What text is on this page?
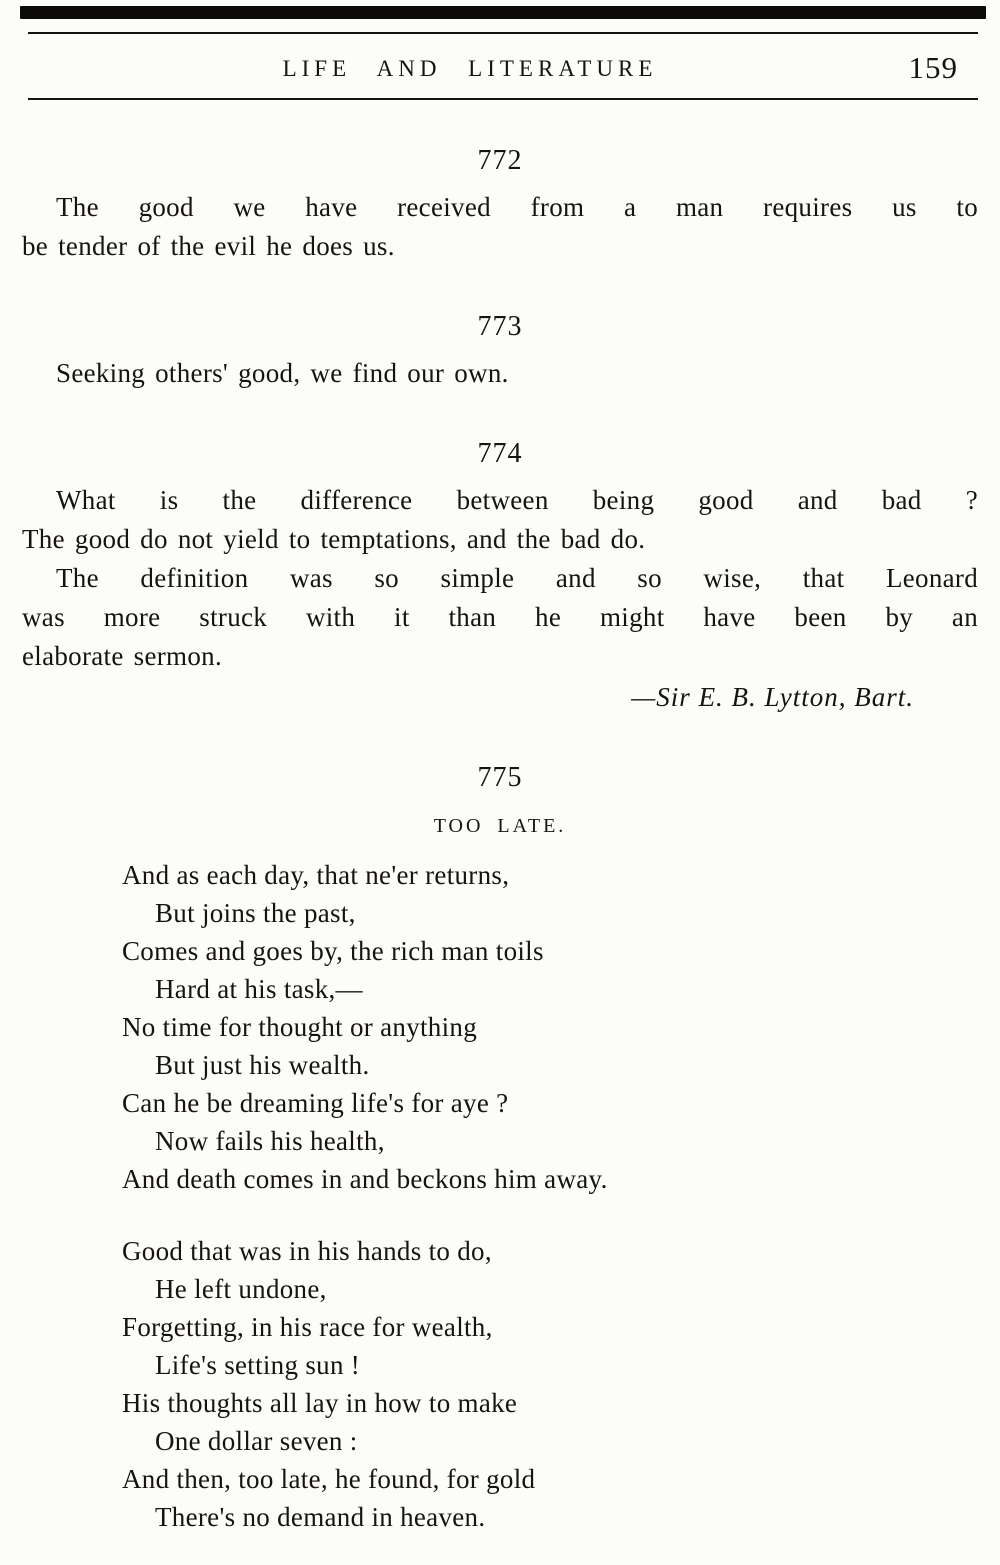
LIFE AND LITERATURE	159
772
The good we have received from a man requires us to
be tender of the evil he does us.
773
Seeking others' good, we find our own.
774
What is the difference between being good and bad ?
The good do not yield to temptations, and the bad do.
The definition was so simple and so wise, that Leonard
was more struck with it than he might have been by an
elaborate sermon.
—Sir E. B. Lytton, Bart.
775
TOO LATE.
And as each day, that ne'er returns,
But joins the past,
Comes and goes by, the rich man toils
Hard at his task,—
No time for thought or anything
But just his wealth.
Can he be dreaming life's for aye ?
Now fails his health,
And death comes in and beckons him away.
Good that was in his hands to do,
He left undone,
Forgetting, in his race for wealth,
Life's setting sun !
His thoughts all lay in how to make
One dollar seven :
And then, too late, he found, for gold
There's no demand in heaven.
